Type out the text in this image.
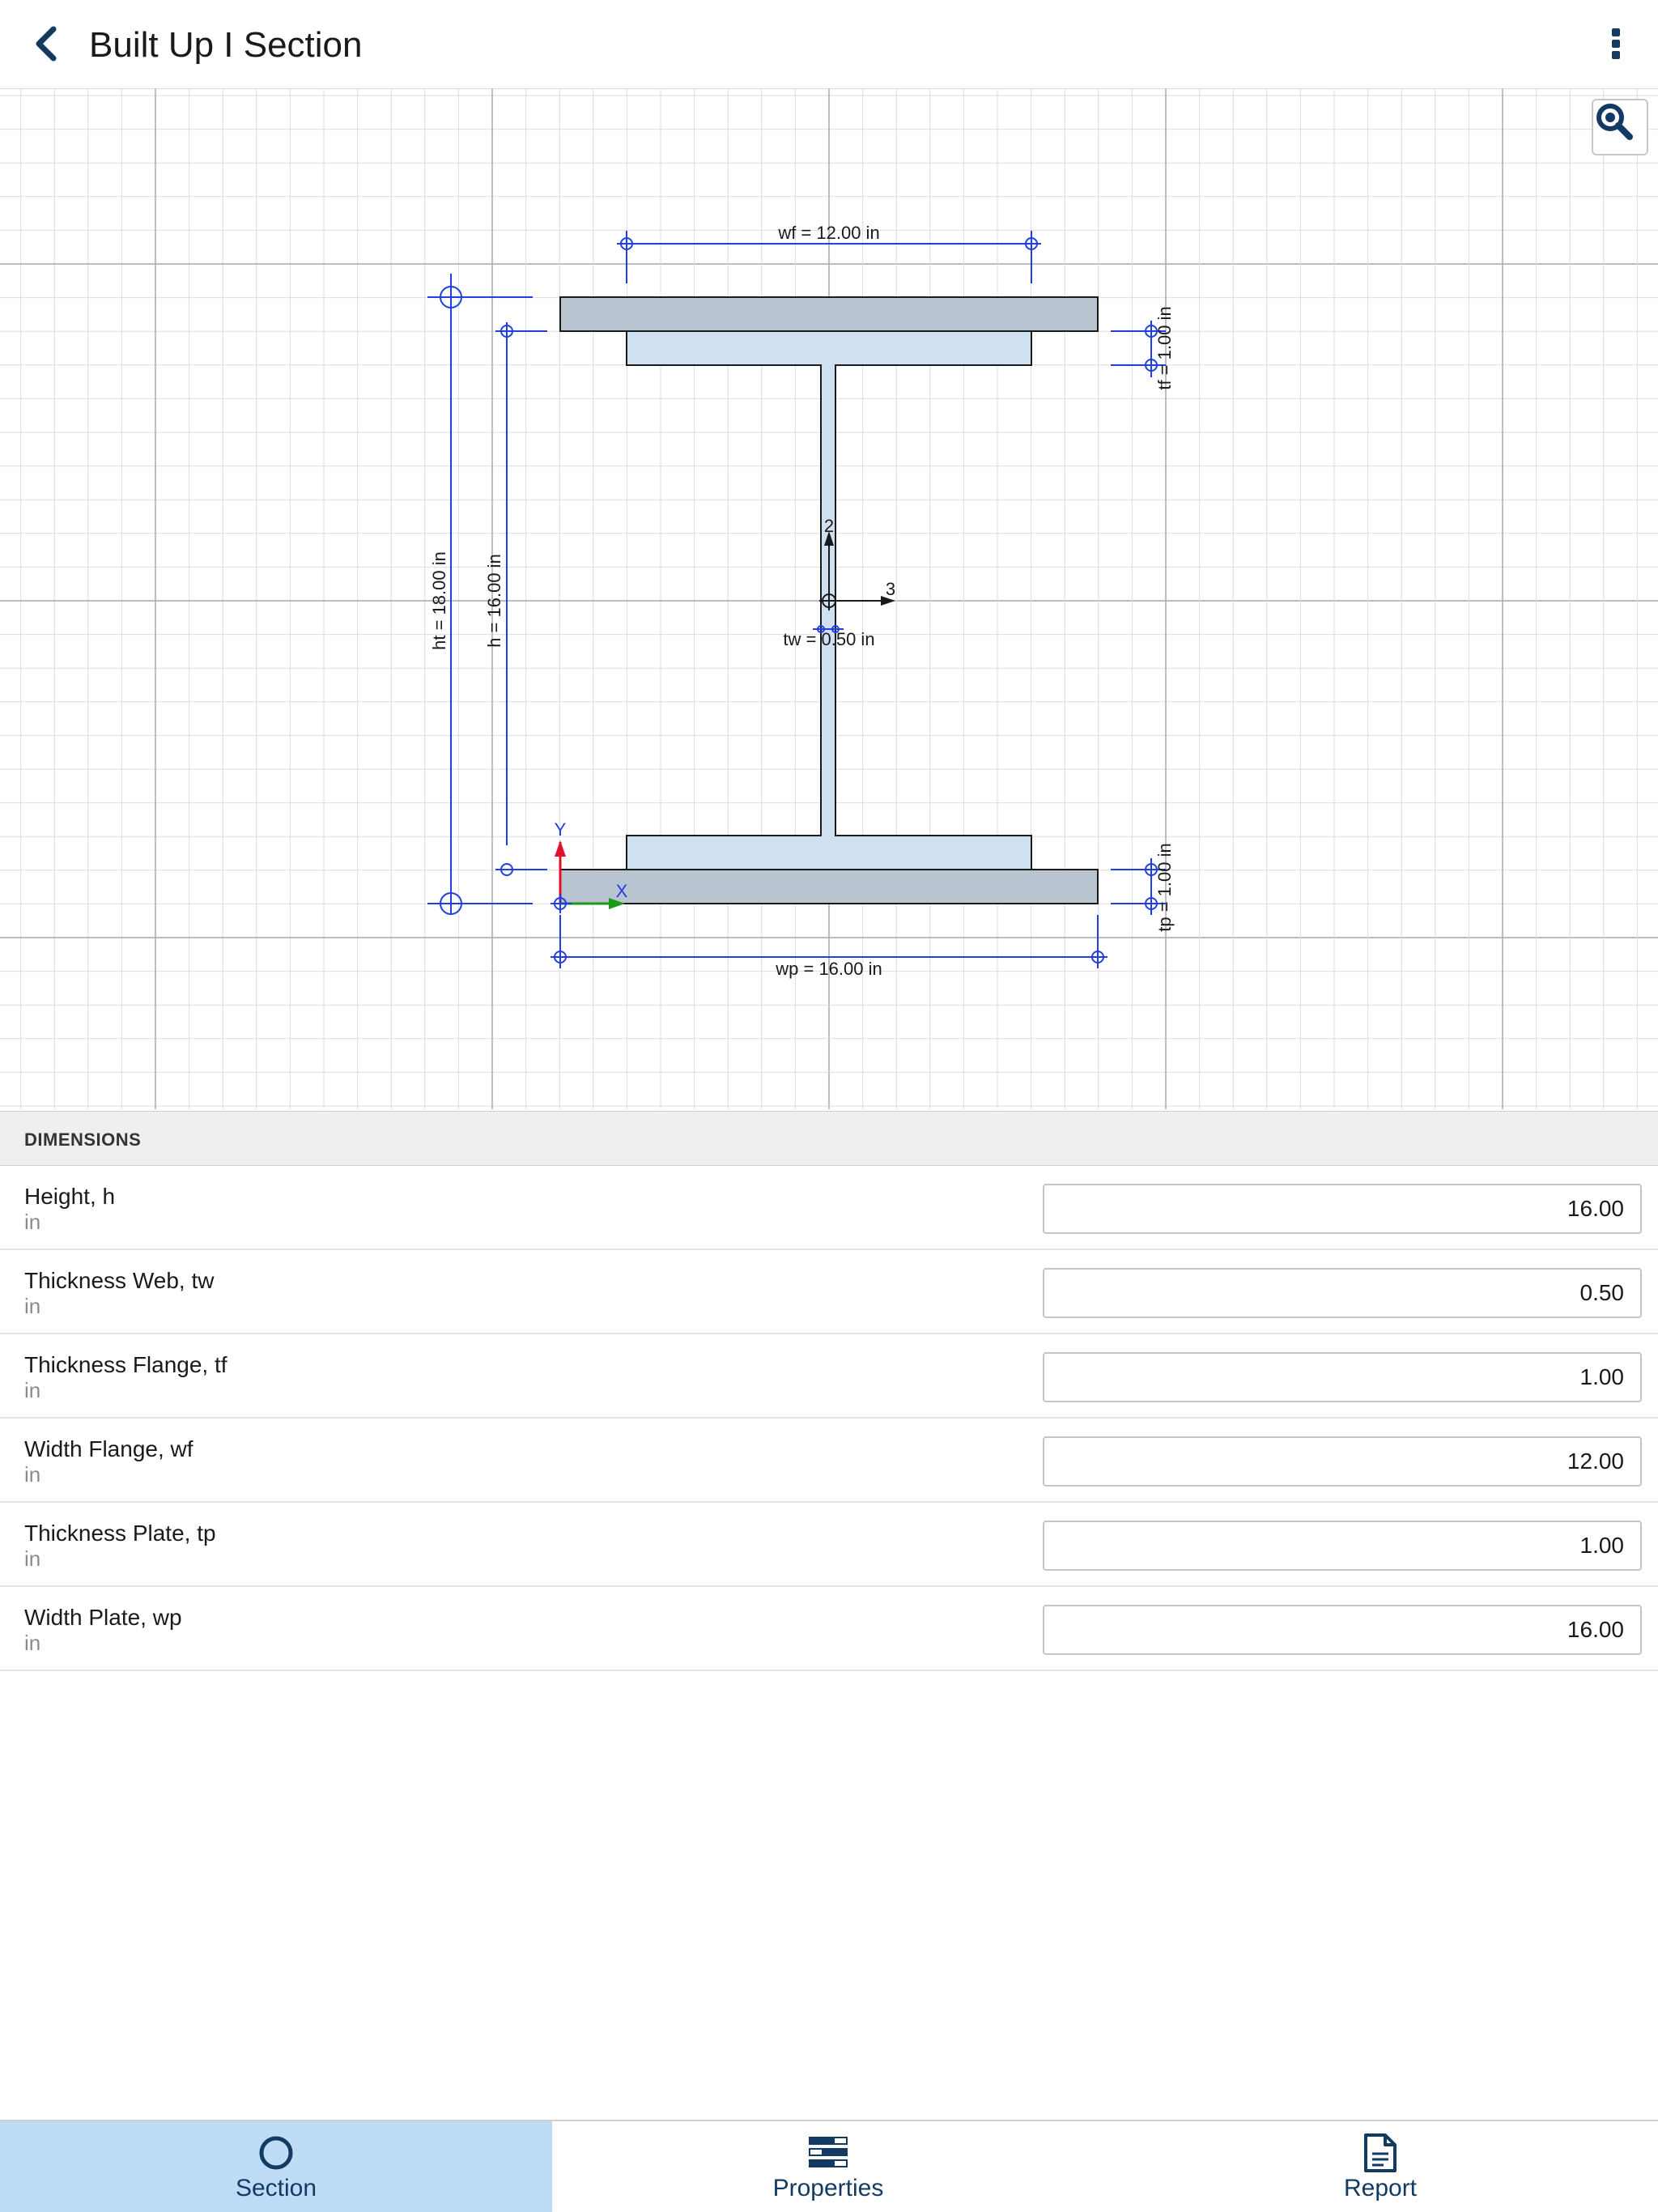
Built Up I Section
wf = 12.00 in
wp = 16.00 in
ht = 18.00 in h = 16.00 in
tf = 1.00 in
tp = 1.00 in
tw = 0.50 in
2
3
Y
X
DIMENSIONS
Height, h
in
16.00
Thickness Web, tw
in
0.50
Thickness Flange, tf
in
1.00
Width Flange, wf
in
12.00
Thickness Plate, tp
in
1.00
Width Plate, wp
in
16.00
Section	Properties	Report
